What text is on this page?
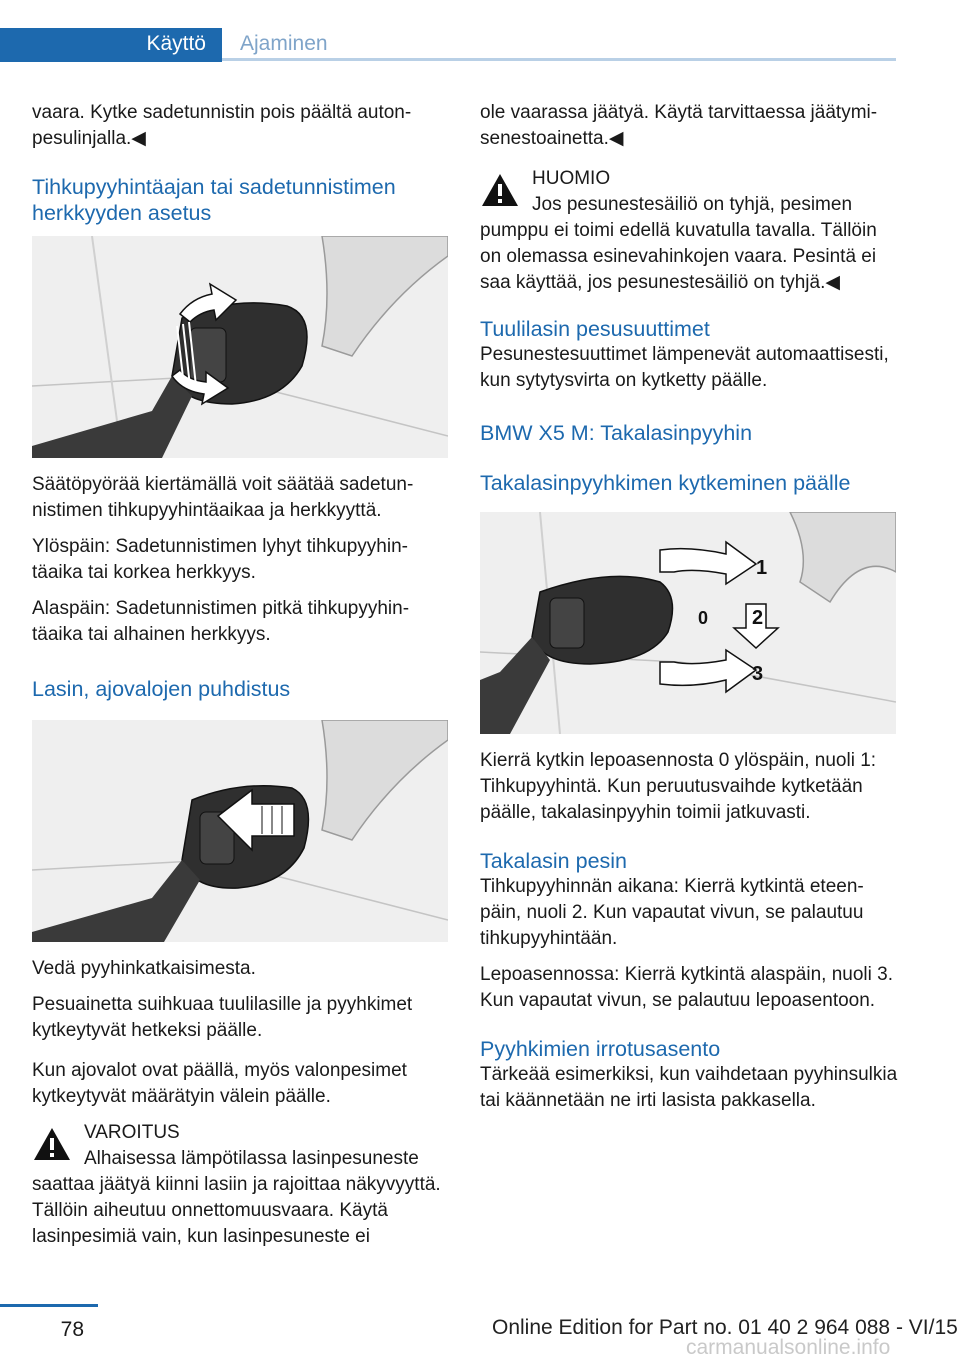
Käyttö Ajaminen

vaara. Kytke sadetunnistin pois päältä autonpesulinjalla.◀

Tihkupyyhintäajan tai sadetunnistimen herkkyyden asetus

Säätöpyörää kiertämällä voit säätää sadetunnistimen tihkupyyhintäaikaa ja herkkyyttä.

Ylöspäin: Sadetunnistimen lyhyt tihkupyyhintäaika tai korkea herkkyys.

Alaspäin: Sadetunnistimen pitkä tihkupyyhintäaika tai alhainen herkkyys.

Lasin, ajovalojen puhdistus

Vedä pyyhinkatkaisimesta.

Pesuainetta suihkuaa tuulilasille ja pyyhkimet kytkeytyvät hetkeksi päälle.

Kun ajovalot ovat päällä, myös valonpesimet kytkeytyvät määrätyin välein päälle.

VAROITUS
Alhaisessa lämpötilassa lasinpesuneste
saattaa jäätyä kiinni lasiin ja rajoittaa näkyvyyttä. Tällöin aiheutuu onnettomuusvaara. Käytä lasinpesimiä vain, kun lasinpesuneste ei

ole vaarassa jäätyä. Käytä tarvittaessa jäätymisenestoainetta.◀

HUOMIO
Jos pesunestesäiliö on tyhjä, pesimen
pumppu ei toimi edellä kuvatulla tavalla. Tällöin on olemassa esinevahinkojen vaara. Pesintä ei saa käyttää, jos pesunestesäiliö on tyhjä.◀
Tuulilasin pesusuuttimet

Pesunestesuuttimet lämpenevät automaattisesti, kun sytytysvirta on kytketty päälle.

BMW X5 M: Takalasinpyyhin
Takalasinpyyhkimen kytkeminen päälle
1
2
3
0

Kierrä kytkin lepoasennosta 0 ylöspäin, nuoli 1: Tihkupyyhintä. Kun peruutusvaihde kytketään päälle, takalasinpyyhin toimii jatkuvasti.

Takalasin pesin

Tihkupyyhinnän aikana: Kierrä kytkintä eteenpäin, nuoli 2. Kun vapautat vivun, se palautuu tihkupyyhintään.

Lepoasennossa: Kierrä kytkintä alaspäin, nuoli 3. Kun vapautat vivun, se palautuu lepoasentoon.

Pyyhkimien irrotusasento

Tärkeää esimerkiksi, kun vaihdetaan pyyhinsulkia tai käännetään ne irti lasista pakkasella.

78	Online Edition for Part no. 01 40 2 964 088 - VI/15
carmanualsonline.info
